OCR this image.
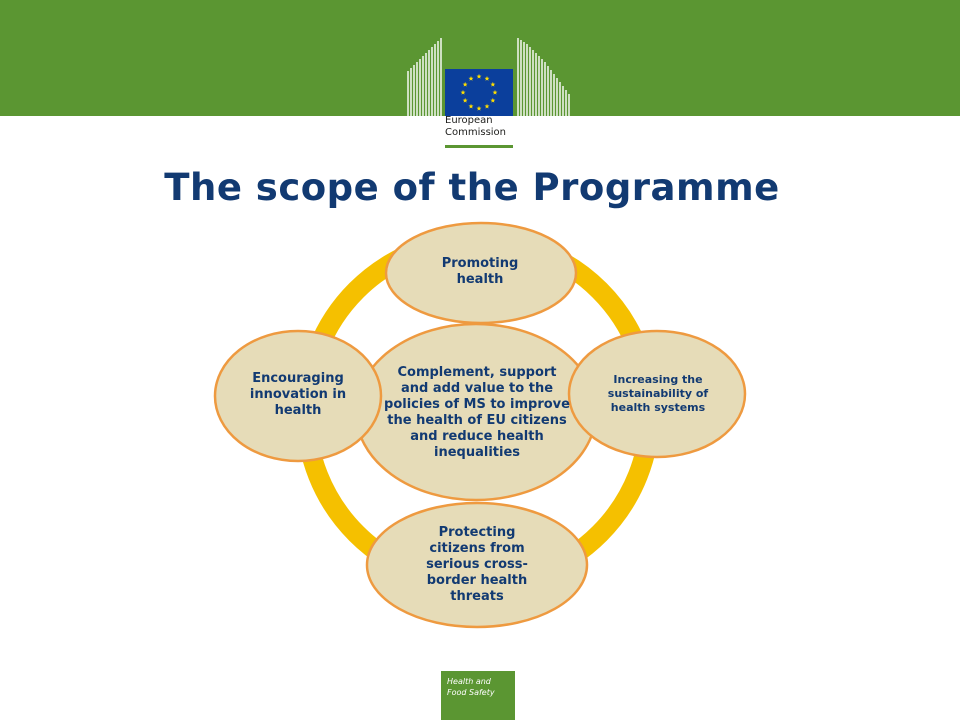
European
Commission
The scope of the Programme
Complement, support and add value to the policies of MS to improve the health of EU citizens and reduce health inequalities
Promoting health
Increasing the sustainability of health systems
Protecting citizens from serious cross-border health threats
Encouraging innovation in health
Health and
Food Safety
